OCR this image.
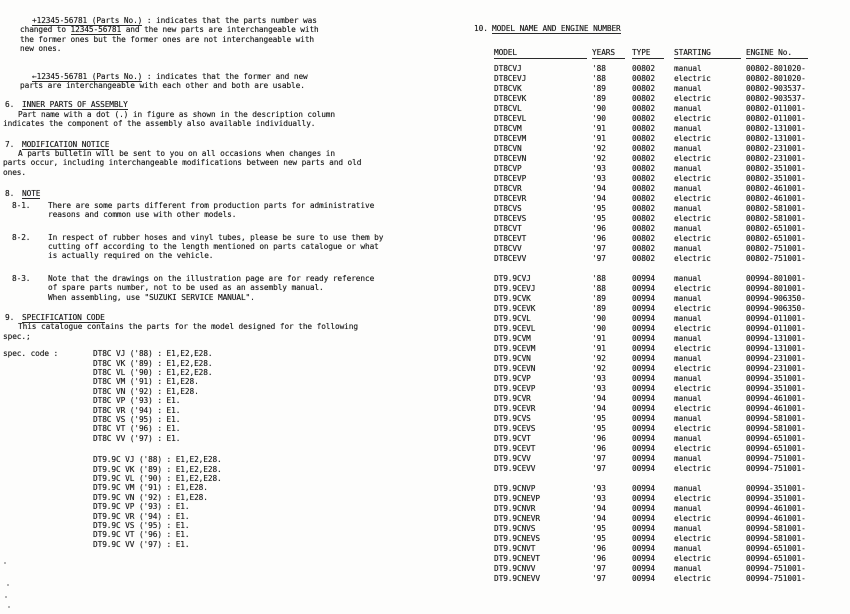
+12345-56781 (Parts No.) : indicates that the parts number was
changed to 12345-56781 and the new parts are interchangeable with
the former ones but the former ones are not interchangeable with
new ones.
←12345-56781 (Parts No.) : indicates that the former and new
parts are interchangeable with each other and both are usable.
6. INNER PARTS OF ASSEMBLY
Part name with a dot (.) in figure as shown in the description column
indicates the component of the assembly also available individually.
7. MODIFICATION NOTICE
A parts bulletin will be sent to you on all occasions when changes in
parts occur, including interchangeable modifications between new parts and old
ones.
8. NOTE
8-1.	There are some parts different from production parts for administrative
reasons and common use with other models.
8-2.	In respect of rubber hoses and vinyl tubes, please be sure to use them by
cutting off according to the length mentioned on parts catalogue or what
is actually required on the vehicle.
8-3.	Note that the drawings on the illustration page are for ready reference
of spare parts number, not to be used as an assembly manual.
When assembling, use "SUZUKI SERVICE MANUAL".
9. SPECIFICATION CODE
This catalogue contains the parts for the model designed for the following
spec.;
spec. code :	DT8C VJ ('88) : E1,E2,E28.
DT8C VK ('89) : E1,E2,E28.
DT8C VL ('90) : E1,E2,E28.
DT8C VM ('91) : E1,E28.
DT8C VN ('92) : E1,E28.
DT8C VP ('93) : E1.
DT8C VR ('94) : E1.
DT8C VS ('95) : E1.
DT8C VT ('96) : E1.
DT8C VV ('97) : E1.
DT9.9C VJ ('88) : E1,E2,E28.
DT9.9C VK ('89) : E1,E2,E28.
DT9.9C VL ('90) : E1,E2,E28.
DT9.9C VM ('91) : E1,E28.
DT9.9C VN ('92) : E1,E28.
DT9.9C VP ('93) : E1.
DT9.9C VR ('94) : E1.
DT9.9C VS ('95) : E1.
DT9.9C VT ('96) : E1.
DT9.9C VV ('97) : E1.
10. MODEL NAME AND ENGINE NUMBER
MODEL	YEARS	TYPE	STARTING	ENGINE No.
DT8CVJ	'88	00802	manual	00802-801020-
DT8CEVJ	'88	00802	electric	00802-801020-
DT8CVK	'89	00802	manual	00802-903537-
DT8CEVK	'89	00802	electric	00802-903537-
DT8CVL	'90	00802	manual	00802-011001-
DT8CEVL	'90	00802	electric	00802-011001-
DT8CVM	'91	00802	manual	00802-131001-
DT8CEVM	'91	00802	electric	00802-131001-
DT8CVN	'92	00802	manual	00802-231001-
DT8CEVN	'92	00802	electric	00802-231001-
DT8CVP	'93	00802	manual	00802-351001-
DT8CEVP	'93	00802	electric	00802-351001-
DT8CVR	'94	00802	manual	00802-461001-
DT8CEVR	'94	00802	electric	00802-461001-
DT8CVS	'95	00802	manual	00802-581001-
DT8CEVS	'95	00802	electric	00802-581001-
DT8CVT	'96	00802	manual	00802-651001-
DT8CEVT	'96	00802	electric	00802-651001-
DT8CVV	'97	00802	manual	00802-751001-
DT8CEVV	'97	00802	electric	00802-751001-
DT9.9CVJ	'88	00994	manual	00994-801001-
DT9.9CEVJ	'88	00994	electric	00994-801001-
DT9.9CVK	'89	00994	manual	00994-906350-
DT9.9CEVK	'89	00994	electric	00994-906350-
DT9.9CVL	'90	00994	manual	00994-011001-
DT9.9CEVL	'90	00994	electric	00994-011001-
DT9.9CVM	'91	00994	manual	00994-131001-
DT9.9CEVM	'91	00994	electric	00994-131001-
DT9.9CVN	'92	00994	manual	00994-231001-
DT9.9CEVN	'92	00994	electric	00994-231001-
DT9.9CVP	'93	00994	manual	00994-351001-
DT9.9CEVP	'93	00994	electric	00994-351001-
DT9.9CVR	'94	00994	manual	00994-461001-
DT9.9CEVR	'94	00994	electric	00994-461001-
DT9.9CVS	'95	00994	manual	00994-581001-
DT9.9CEVS	'95	00994	electric	00994-581001-
DT9.9CVT	'96	00994	manual	00994-651001-
DT9.9CEVT	'96	00994	electric	00994-651001-
DT9.9CVV	'97	00994	manual	00994-751001-
DT9.9CEVV	'97	00994	electric	00994-751001-
DT9.9CNVP	'93	00994	manual	00994-351001-
DT9.9CNEVP	'93	00994	electric	00994-351001-
DT9.9CNVR	'94	00994	manual	00994-461001-
DT9.9CNEVR	'94	00994	electric	00994-461001-
DT9.9CNVS	'95	00994	manual	00994-581001-
DT9.9CNEVS	'95	00994	electric	00994-581001-
DT9.9CNVT	'96	00994	manual	00994-651001-
DT9.9CNEVT	'96	00994	electric	00994-651001-
DT9.9CNVV	'97	00994	manual	00994-751001-
DT9.9CNEVV	'97	00994	electric	00994-751001-
